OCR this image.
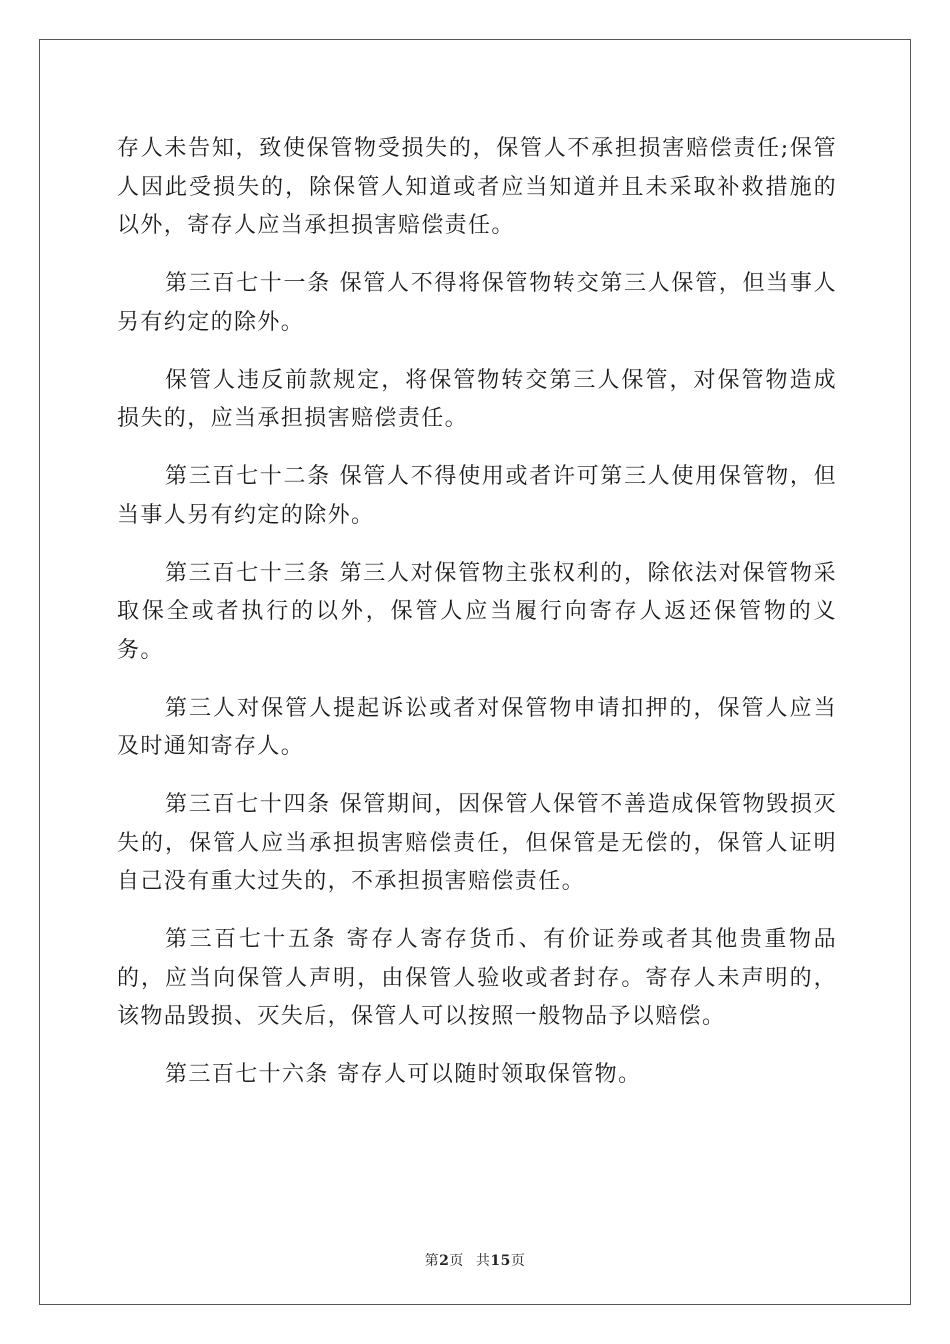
存人未告知，致使保管物受损失的，保管人不承担损害赔偿责任;保管人因此受损失的，除保管人知道或者应当知道并且未采取补救措施的以外，寄存人应当承担损害赔偿责任。

第三百七十一条 保管人不得将保管物转交第三人保管，但当事人另有约定的除外。

保管人违反前款规定，将保管物转交第三人保管，对保管物造成损失的，应当承担损害赔偿责任。

第三百七十二条 保管人不得使用或者许可第三人使用保管物，但当事人另有约定的除外。

第三百七十三条 第三人对保管物主张权利的，除依法对保管物采取保全或者执行的以外，保管人应当履行向寄存人返还保管物的义务。

第三人对保管人提起诉讼或者对保管物申请扣押的，保管人应当及时通知寄存人。

第三百七十四条 保管期间，因保管人保管不善造成保管物毁损灭失的，保管人应当承担损害赔偿责任，但保管是无偿的，保管人证明自己没有重大过失的，不承担损害赔偿责任。

第三百七十五条 寄存人寄存货币、有价证券或者其他贵重物品的，应当向保管人声明，由保管人验收或者封存。寄存人未声明的，该物品毁损、灭失后，保管人可以按照一般物品予以赔偿。

第三百七十六条 寄存人可以随时领取保管物。

第2页 共15页
